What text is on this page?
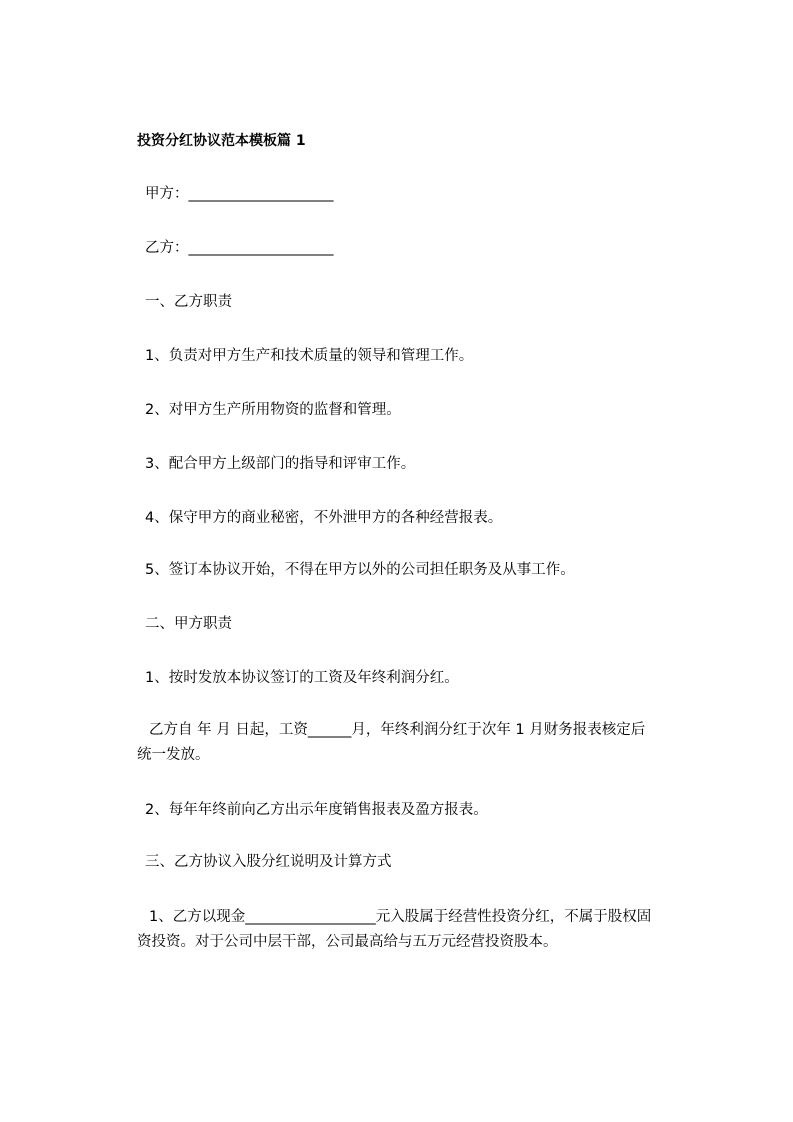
投资分红协议范本模板篇 1
甲方：____________________
乙方：____________________
一、乙方职责
1、负责对甲方生产和技术质量的领导和管理工作。
2、对甲方生产所用物资的监督和管理。
3、配合甲方上级部门的指导和评审工作。
4、保守甲方的商业秘密，不外泄甲方的各种经营报表。
5、签订本协议开始，不得在甲方以外的公司担任职务及从事工作。
二、甲方职责
1、按时发放本协议签订的工资及年终利润分红。
乙方自 年 月 日起，工资______月，年终利润分红于次年 1 月财务报表核定后
统一发放。
2、每年年终前向乙方出示年度销售报表及盈方报表。
三、乙方协议入股分红说明及计算方式
1、乙方以现金__________________元入股属于经营性投资分红，不属于股权固
资投资。对于公司中层干部，公司最高给与五万元经营投资股本。
